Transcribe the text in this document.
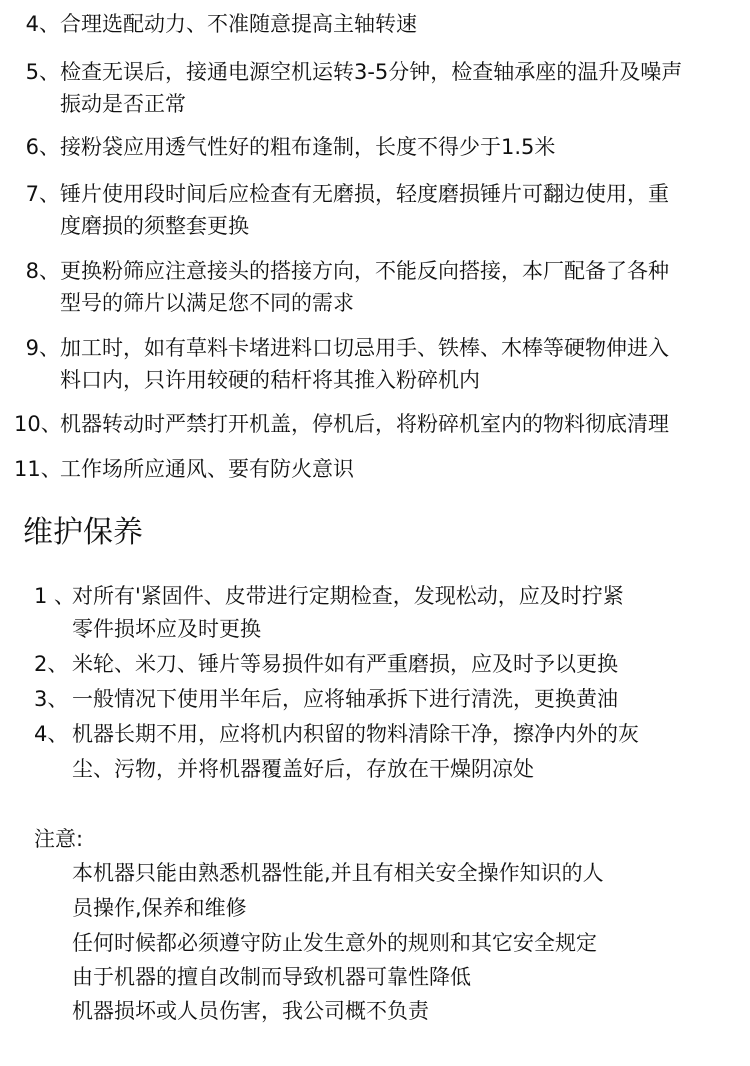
4、 合理选配动力、不准随意提高主轴转速
5、 检查无误后，接通电源空机运转3-5分钟，检查轴承座的温升及噪声
振动是否正常
6、 接粉袋应用透气性好的粗布逢制，长度不得少于1.5米
7、 锤片使用段时间后应检查有无磨损，轻度磨损锤片可翻边使用，重
度磨损的须整套更换
8、 更换粉筛应注意接头的搭接方向，不能反向搭接，本厂配备了各种
型号的筛片以满足您不同的需求
9、 加工时，如有草料卡堵进料口切忌用手、铁棒、木棒等硬物伸进入
料口内，只许用较硬的秸杆将其推入粉碎机内
10、
机器转动时严禁打开机盖，停机后，将粉碎机室内的物料彻底清理
11、
工作场所应通风、要有防火意识
维护保养
1 、
对所有'紧固件、皮带进行定期检查，发现松动，应及时拧紧
零件损坏应及时更换
2、 米轮、米刀、锤片等易损件如有严重磨损，应及时予以更换
3、 一般情况下使用半年后，应将轴承拆下进行清洗，更换黄油
4、 机器长期不用，应将机内积留的物料清除干净，擦净内外的灰
尘、污物，并将机器覆盖好后，存放在干燥阴凉处
注意:
本机器只能由熟悉机器性能,并且有相关安全操作知识的人
员操作,保养和维修
任何时候都必须遵守防止发生意外的规则和其它安全规定
由于机器的擅自改制而导致机器可靠性降低
机器损坏或人员伤害，我公司概不负责
